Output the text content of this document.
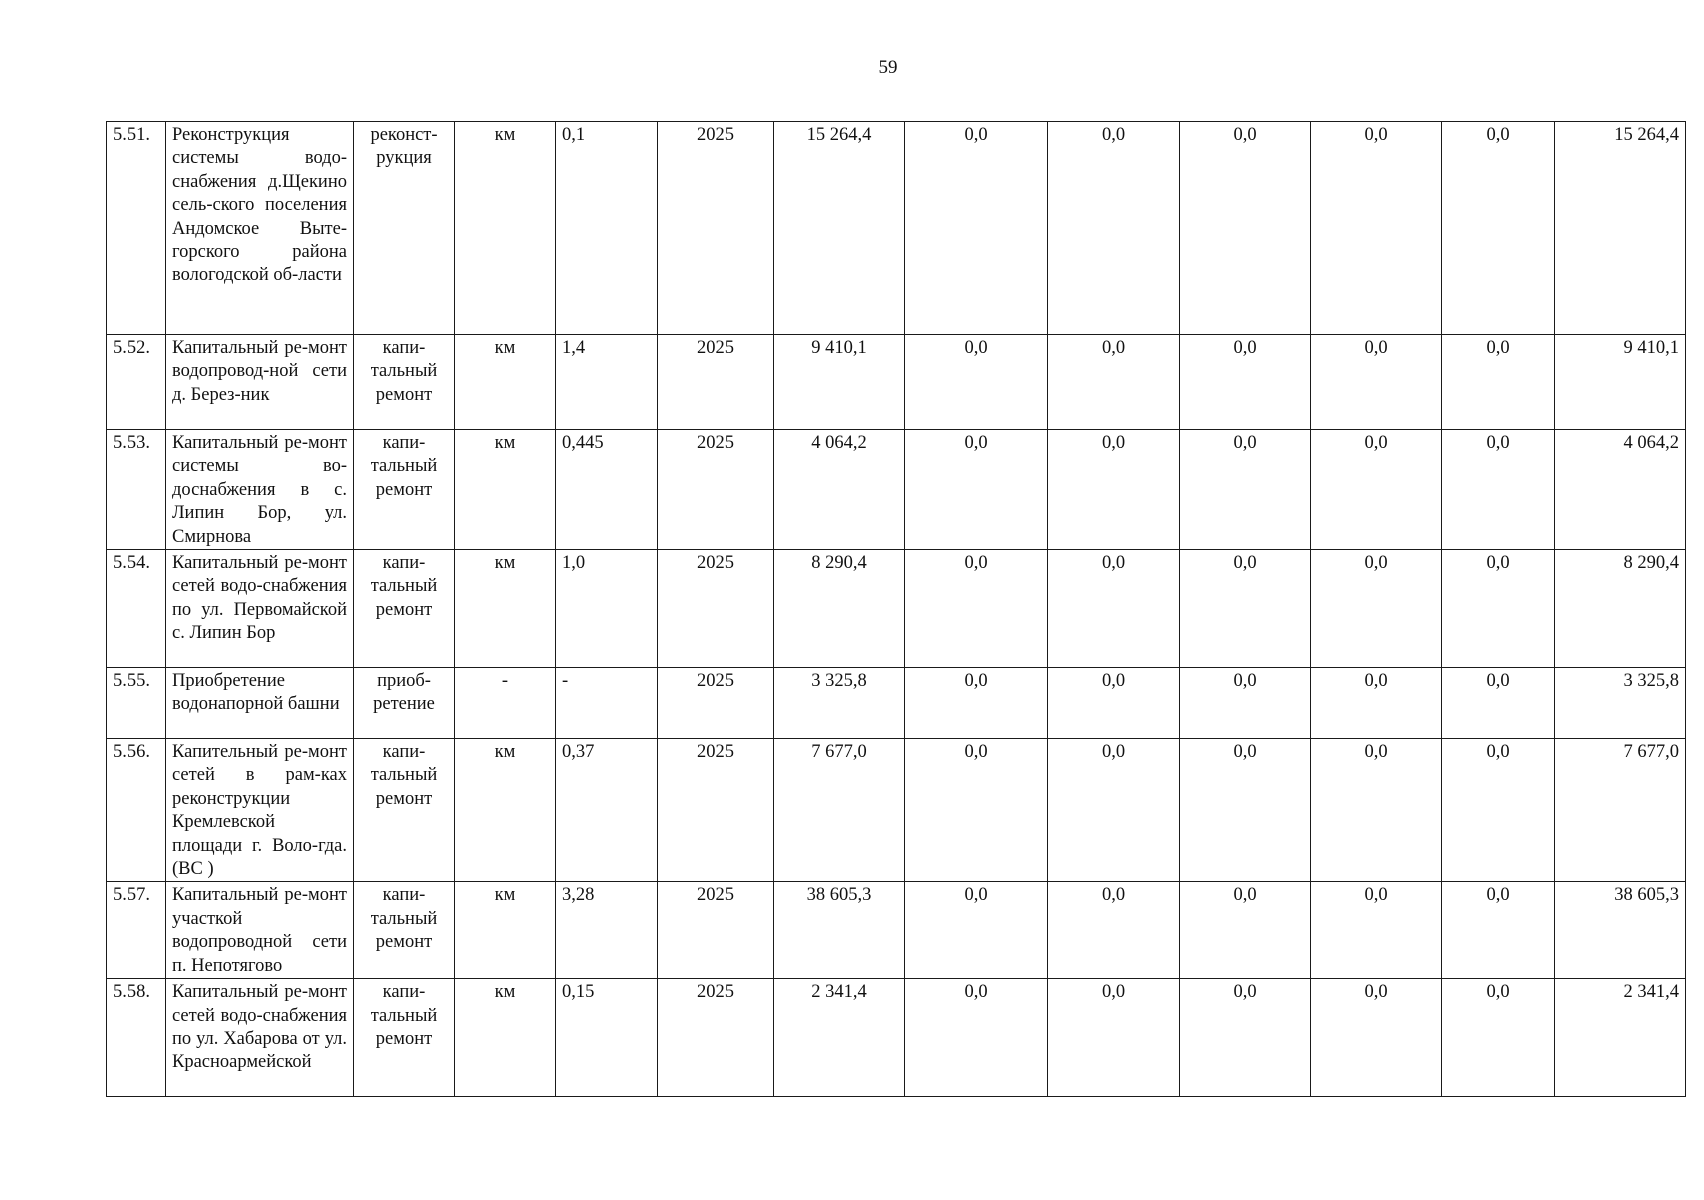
59
5.51.	Реконструкция системы водо-снабжения д.Щекино сель-ского поселения Андомское Выте-горского района вологодской об-ласти	реконст-рукция	км	0,1	2025	15 264,4	0,0	0,0	0,0	0,0	0,0	15 264,4
5.52.	Капитальный ре-монт водопровод-ной сети д. Берез-ник	капи-тальный ремонт	км	1,4	2025	9 410,1	0,0	0,0	0,0	0,0	0,0	9 410,1
5.53.	Капитальный ре-монт системы во-доснабжения в с. Липин Бор, ул. Смирнова	капи-тальный ремонт	км	0,445	2025	4 064,2	0,0	0,0	0,0	0,0	0,0	4 064,2
5.54.	Капитальный ре-монт сетей водо-снабжения по ул. Первомайской с. Липин Бор	капи-тальный ремонт	км	1,0	2025	8 290,4	0,0	0,0	0,0	0,0	0,0	8 290,4
5.55.	Приобретение водонапорной башни	приоб-ретение	-	-	2025	3 325,8	0,0	0,0	0,0	0,0	0,0	3 325,8
5.56.	Капительный ре-монт сетей в рам-ках реконструкции Кремлевской площади г. Воло-гда. (ВС )	капи-тальный ремонт	км	0,37	2025	7 677,0	0,0	0,0	0,0	0,0	0,0	7 677,0
5.57.	Капитальный ре-монт участкой водопроводной сети п. Непотягово	капи-тальный ремонт	км	3,28	2025	38 605,3	0,0	0,0	0,0	0,0	0,0	38 605,3
5.58.	Капитальный ре-монт сетей водо-снабжения по ул. Хабарова от ул. Красноармейской	капи-тальный ремонт	км	0,15	2025	2 341,4	0,0	0,0	0,0	0,0	0,0	2 341,4
